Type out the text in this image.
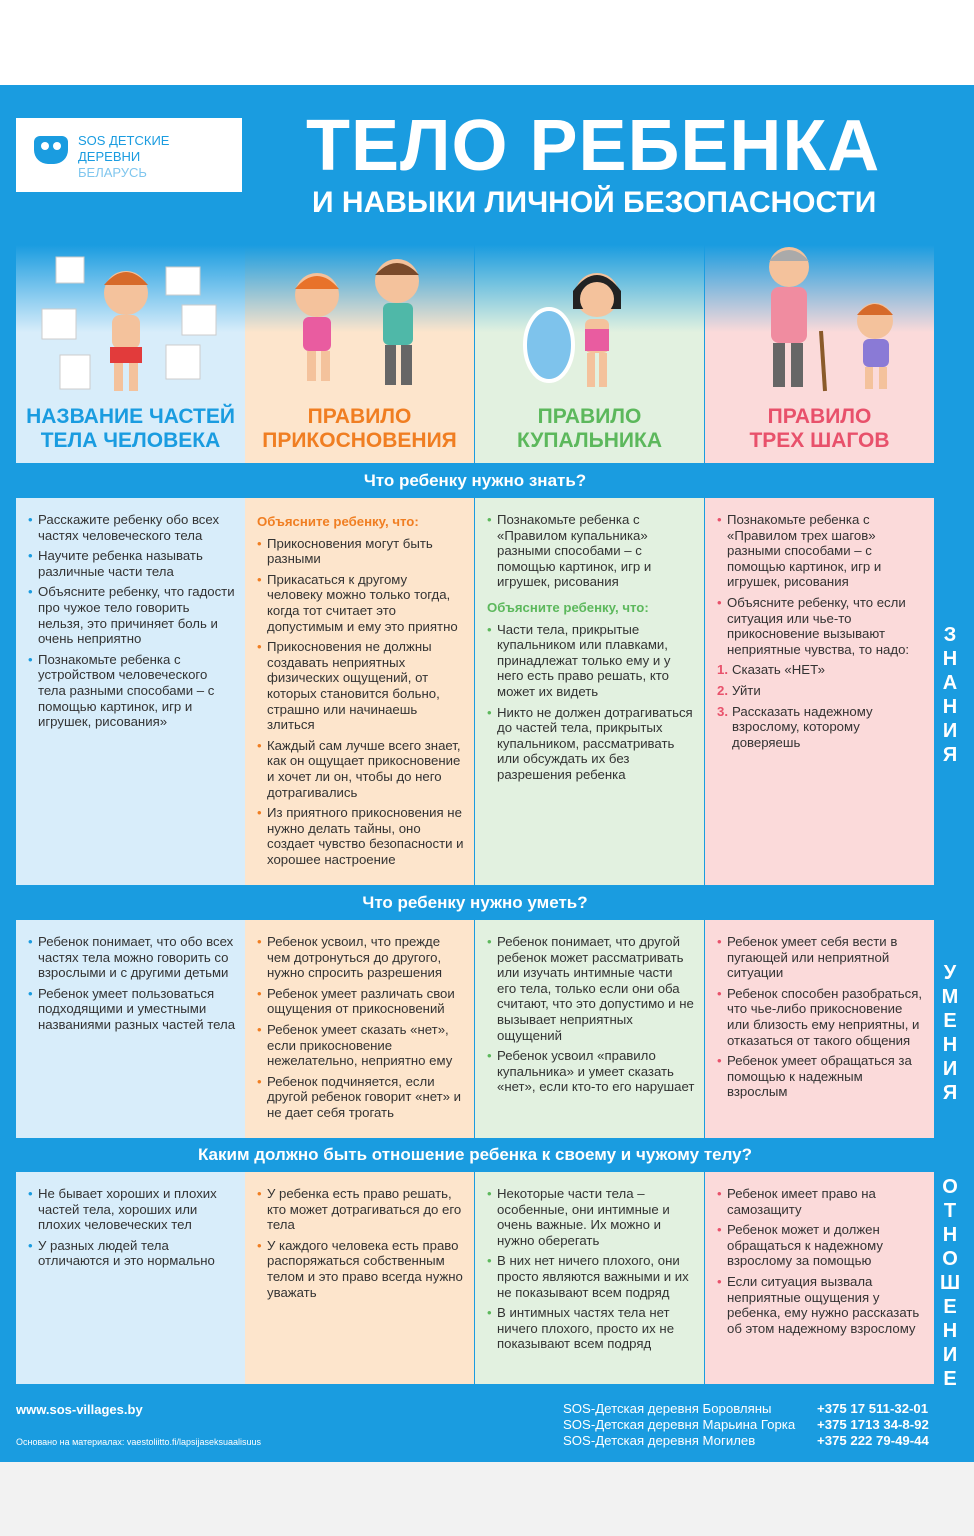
SOS ДЕТСКИЕ
ДЕРЕВНИ
БЕЛАРУСЬ	ТЕЛО РЕБЕНКА
И НАВЫКИ ЛИЧНОЙ БЕЗОПАСНОСТИ
НАЗВАНИЕ ЧАСТЕЙ
ТЕЛА ЧЕЛОВЕКА
ПРАВИЛО
ПРИКОСНОВЕНИЯ
ПРАВИЛО
КУПАЛЬНИКА
ПРАВИЛО
ТРЕХ ШАГОВ
Что ребенку нужно знать?
• Расскажите ребенку обо всех частях человеческого тела
• Научите ребенка называть различные части тела
• Объясните ребенку, что гадости про чужое тело говорить нельзя, это причиняет боль и очень неприятно
• Познакомьте ребенка с устройством человеческого тела разными способами – с помощью картинок, игр и игрушек, рисования»
Объясните ребенку, что:
• Прикосновения могут быть разными
• Прикасаться к другому человеку можно только тогда, когда тот считает это допустимым и ему это приятно
• Прикосновения не должны создавать неприятных физических ощущений, от которых становится больно, страшно или начинаешь злиться
• Каждый сам лучше всего знает, как он ощущает прикосновение и хочет ли он, чтобы до него дотрагивались
• Из приятного прикосновения не нужно делать тайны, оно создает чувство безопасности и хорошее настроение
• Познакомьте ребенка с «Правилом купальника» разными способами – с помощью картинок, игр и игрушек, рисования
Объясните ребенку, что:
• Части тела, прикрытые купальником или плавками, принадлежат только ему и у него есть право решать, кто может их видеть
• Никто не должен дотрагиваться до частей тела, прикрытых купальником, рассматривать или обсуждать их без разрешения ребенка
• Познакомьте ребенка с «Правилом трех шагов» разными способами – с помощью картинок, игр и игрушек, рисования
• Объясните ребенку, что если ситуация или чье-то прикосновение вызывают неприятные чувства, то надо:
1. Сказать «НЕТ»
2. Уйти
3. Рассказать надежному взрослому, которому доверяешь
З
Н
А
Н
И
Я
Что ребенку нужно уметь?
• Ребенок понимает, что обо всех частях тела можно говорить со взрослыми и с другими детьми
• Ребенок умеет пользоваться подходящими и уместными названиями разных частей тела
• Ребенок усвоил, что прежде чем дотронуться до другого, нужно спросить разрешения
• Ребенок умеет различать свои ощущения от прикосновений
• Ребенок умеет сказать «нет», если прикосновение нежелательно, неприятно ему
• Ребенок подчиняется, если другой ребенок говорит «нет» и не дает себя трогать
• Ребенок понимает, что другой ребенок может рассматривать или изучать интимные части его тела, только если они оба считают, что это допустимо и не вызывает неприятных ощущений
• Ребенок усвоил «правило купальника» и умеет сказать «нет», если кто-то его нарушает
• Ребенок умеет себя вести в пугающей или неприятной ситуации
• Ребенок способен разобраться, что чье-либо прикосновение или близость ему неприятны, и отказаться от такого общения
• Ребенок умеет обращаться за помощью к надежным взрослым
У
М
Е
Н
И
Я
Каким должно быть отношение ребенка к своему и чужому телу?
• Не бывает хороших и плохих частей тела, хороших или плохих человеческих тел
• У разных людей тела отличаются и это нормально
• У ребенка есть право решать, кто может дотрагиваться до его тела
• У каждого человека есть право распоряжаться собственным телом и это право всегда нужно уважать
• Некоторые части тела – особенные, они интимные и очень важные. Их можно и нужно оберегать
• В них нет ничего плохого, они просто являются важными и их не показывают всем подряд
• В интимных частях тела нет ничего плохого, просто их не показывают всем подряд
• Ребенок имеет право на самозащиту
• Ребенок может и должен обращаться к надежному взрослому за помощью
• Если ситуация вызвала неприятные ощущения у ребенка, ему нужно рассказать об этом надежному взрослому
О
Т
Н
О
Ш
Е
Н
И
Е
www.sos-villages.by
Основано на материалах: vaestoliitto.fi/lapsijaseksuaalisuus
SOS-Детская деревня Боровляны	+375 17 511-32-01
SOS-Детская деревня Марьина Горка	+375 1713 34-8-92
SOS-Детская деревня Могилев	+375 222 79-49-44
